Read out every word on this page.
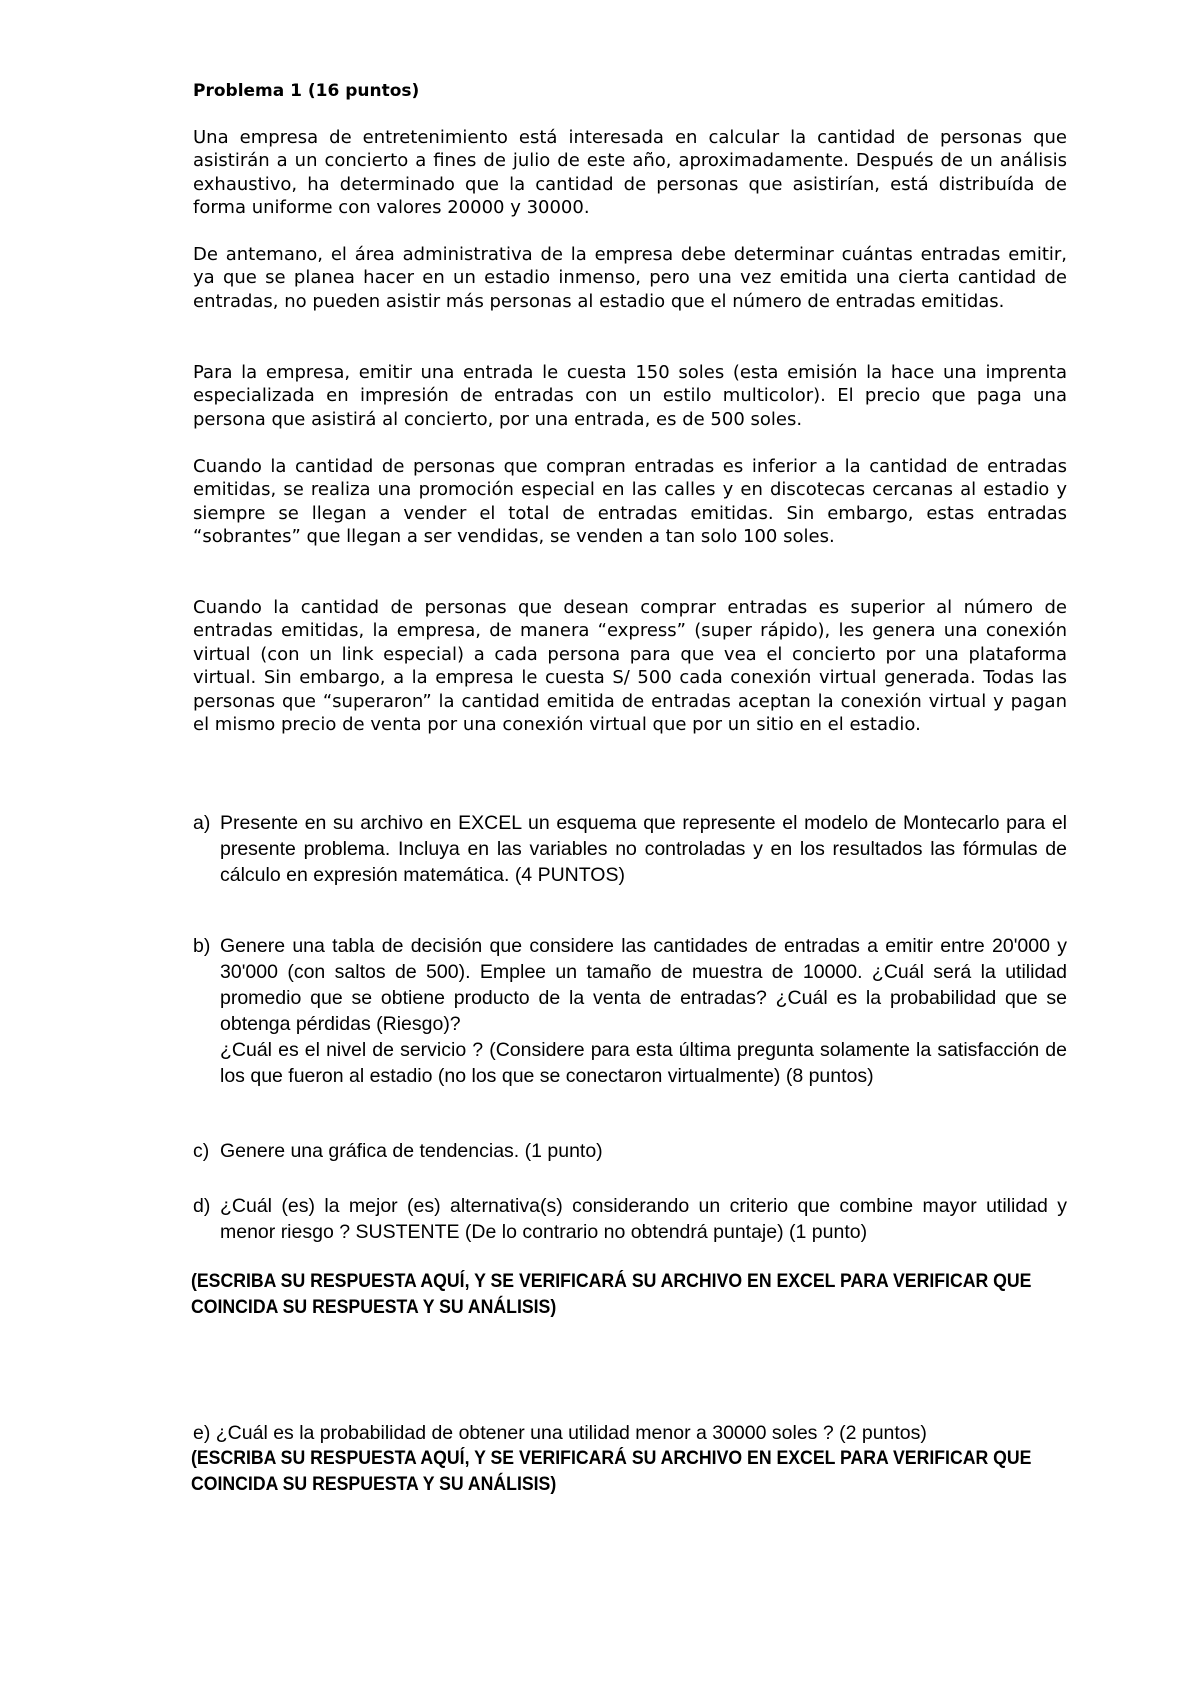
Problema 1 (16 puntos)
Una empresa de entretenimiento está interesada en calcular la cantidad de personas que asistirán a un concierto a fines de julio de este año, aproximadamente. Después de un análisis exhaustivo, ha determinado que la cantidad de personas que asistirían, está distribuída de forma uniforme con valores 20000 y 30000.
De antemano, el área administrativa de la empresa debe determinar cuántas entradas emitir, ya que se planea hacer en un estadio inmenso, pero una vez emitida una cierta cantidad de entradas, no pueden asistir más personas al estadio que el número de entradas emitidas.
Para la empresa, emitir una entrada le cuesta 150 soles (esta emisión la hace una imprenta especializada en impresión de entradas con un estilo multicolor). El precio que paga una persona que asistirá al concierto, por una entrada, es de 500 soles.
Cuando la cantidad de personas que compran entradas es inferior a la cantidad de entradas emitidas, se realiza una promoción especial en las calles y en discotecas cercanas al estadio y siempre se llegan a vender el total de entradas emitidas. Sin embargo, estas entradas “sobrantes” que llegan a ser vendidas, se venden a tan solo 100 soles.
Cuando la cantidad de personas que desean comprar entradas es superior al número de entradas emitidas, la empresa, de manera “express” (super rápido), les genera una conexión virtual (con un link especial) a cada persona para que vea el concierto por una plataforma virtual. Sin embargo, a la empresa le cuesta S/ 500 cada conexión virtual generada. Todas las personas que “superaron” la cantidad emitida de entradas aceptan la conexión virtual y pagan el mismo precio de venta por una conexión virtual que por un sitio en el estadio.
a) Presente en su archivo en EXCEL un esquema que represente el modelo de Montecarlo para el presente problema. Incluya en las variables no controladas y en los resultados las fórmulas de cálculo en expresión matemática. (4 PUNTOS)
b) Genere una tabla de decisión que considere las cantidades de entradas a emitir entre 20'000 y 30'000 (con saltos de 500). Emplee un tamaño de muestra de 10000. ¿Cuál será la utilidad promedio que se obtiene producto de la venta de entradas? ¿Cuál es la probabilidad que se obtenga pérdidas (Riesgo)?
¿Cuál es el nivel de servicio ? (Considere para esta última pregunta solamente la satisfacción de los que fueron al estadio (no los que se conectaron virtualmente) (8 puntos)
c) Genere una gráfica de tendencias. (1 punto)
d) ¿Cuál (es) la mejor (es) alternativa(s) considerando un criterio que combine mayor utilidad y menor riesgo ? SUSTENTE (De lo contrario no obtendrá puntaje) (1 punto)
(ESCRIBA SU RESPUESTA AQUÍ, Y SE VERIFICARÁ SU ARCHIVO EN EXCEL PARA VERIFICAR QUE COINCIDA SU RESPUESTA Y SU ANÁLISIS)
e) ¿Cuál es la probabilidad de obtener una utilidad menor a 30000 soles ? (2 puntos)
(ESCRIBA SU RESPUESTA AQUÍ, Y SE VERIFICARÁ SU ARCHIVO EN EXCEL PARA VERIFICAR QUE COINCIDA SU RESPUESTA Y SU ANÁLISIS)
